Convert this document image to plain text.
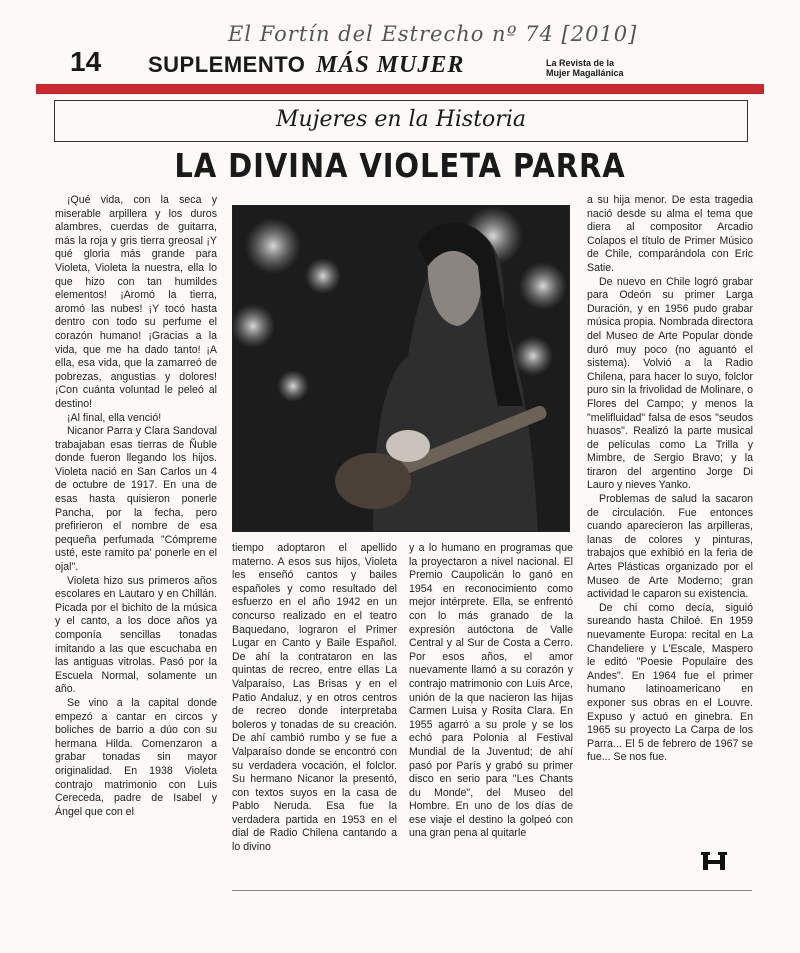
El Fortín del Estrecho nº 74 [2010]
14 SUPLEMENTO MÁS MUJER	La Revista de la
Mujer Magallánica
Mujeres en la Historia
LA DIVINA VIOLETA PARRA

¡Qué vida, con la seca y miserable arpillera y los duros alambres, cuerdas de guitarra, más la roja y gris tierra greosal ¡Y qué gloria más grande para Violeta, Violeta la nuestra, ella lo que hizo con tan humildes elementos! ¡Aromó la tierra, aromó las nubes! ¡Y tocó hasta dentro con todo su perfume el corazón humano! ¡Gracias a la vida, que me ha dado tanto! ¡A ella, esa vida, que la zamarreó de pobrezas, angustias y dolores! ¡Con cuánta voluntad le peleó al destino!

¡Al final, ella venció!

Nicanor Parra y Clara Sandoval trabajaban esas tierras de Ñuble donde fueron llegando los hijos. Violeta nació en San Carlos un 4 de octubre de 1917. En una de esas hasta quisieron ponerle Pancha, por la fecha, pero prefirieron el nombre de esa pequeña perfumada "Cómpreme usté, este ramito pa' ponerle en el ojal".

Violeta hizo sus primeros años escolares en Lautaro y en Chillán. Picada por el bichito de la música y el canto, a los doce años ya componía sencillas tonadas imitando a las que escuchaba en las antiguas vitrolas. Pasó por la Escuela Normal, solamente un año.

Se vino a la capital donde empezó a cantar en circos y boliches de barrio a dúo con su hermana Hilda. Comenzaron a grabar tonadas sin mayor originalidad. En 1938 Violeta contrajo matrimonio con Luis Cereceda, padre de Isabel y Ángel que con el

tiempo adoptaron el apellido materno. A esos sus hijos, Violeta les enseñó cantos y bailes españoles y como resultado del esfuerzo en el año 1942 en un concurso realizado en el teatro Baquedano, lograron el Primer Lugar en Canto y Baile Español. De ahí la contrataron en las quintas de recreo, entre ellas La Valparaíso, Las Brisas y en el Patio Andaluz, y en otros centros de recreo donde interpretaba boleros y tonadas de su creación. De ahí cambió rumbo y se fue a Valparaíso donde se encontró con su verdadera vocación, el folclor. Su hermano Nicanor la presentó, con textos suyos en la casa de Pablo Neruda. Esa fue la verdadera partida en 1953 en el dial de Radio Chilena cantando a lo divino

y a lo humano en programas que la proyectaron a nivel nacional. El Premio Caupolicán lo ganó en 1954 en reconocimiento como mejor intérprete. Ella, se enfrentó con lo más granado de la expresión autóctona de Valle Central y al Sur de Costa a Cerro. Por esos años, el amor nuevamente llamó a su corazón y contrajo matrimonio con Luis Arce, unión de la que nacieron las hijas Carmen Luisa y Rosita Clara. En 1955 agarró a su prole y se los echó para Polonia al Festival Mundial de la Juventud; de ahí pasó por París y grabó su primer disco en serio para "Les Chants du Monde", del Museo del Hombre. En uno de los días de ese viaje el destino la golpeó con una gran pena al quitarle

a su hija menor. De esta tragedia nació desde su alma el tema que diera al compositor Arcadio Colapos el título de Primer Músico de Chile, comparándola con Eric Satie.

De nuevo en Chile logró grabar para Odeón su primer Larga Duración, y en 1956 pudo grabar música propia. Nombrada directora del Museo de Arte Popular donde duró muy poco (no aguantó el sistema). Volvió a la Radio Chilena, para hacer lo suyo, folclor puro sin la frivolidad de Molinare, o Flores del Campo; y menos la "melifluidad" falsa de esos "seudos huasos". Realizó la parte musical de películas como La Trilla y Mimbre, de Sergio Bravo; y la tiraron del argentino Jorge Di Lauro y nieves Yanko.

Problemas de salud la sacaron de circulación. Fue entonces cuando aparecieron las arpilleras, lanas de colores y pinturas, trabajos que exhibió en la feria de Artes Plásticas organizado por el Museo de Arte Moderno; gran actividad le caparon su existencia.

De chi como decía, siguió sureando hasta Chiloé. En 1959 nuevamente Europa: recital en La Chandeliere y L'Escale, Maspero le editó "Poesie Populaire des Andes". En 1964 fue el primer humano latinoamericano en exponer sus obras en el Louvre. Expuso y actuó en ginebra. En 1965 su proyecto La Carpa de los Parra... El 5 de febrero de 1967 se fue... Se nos fue.
